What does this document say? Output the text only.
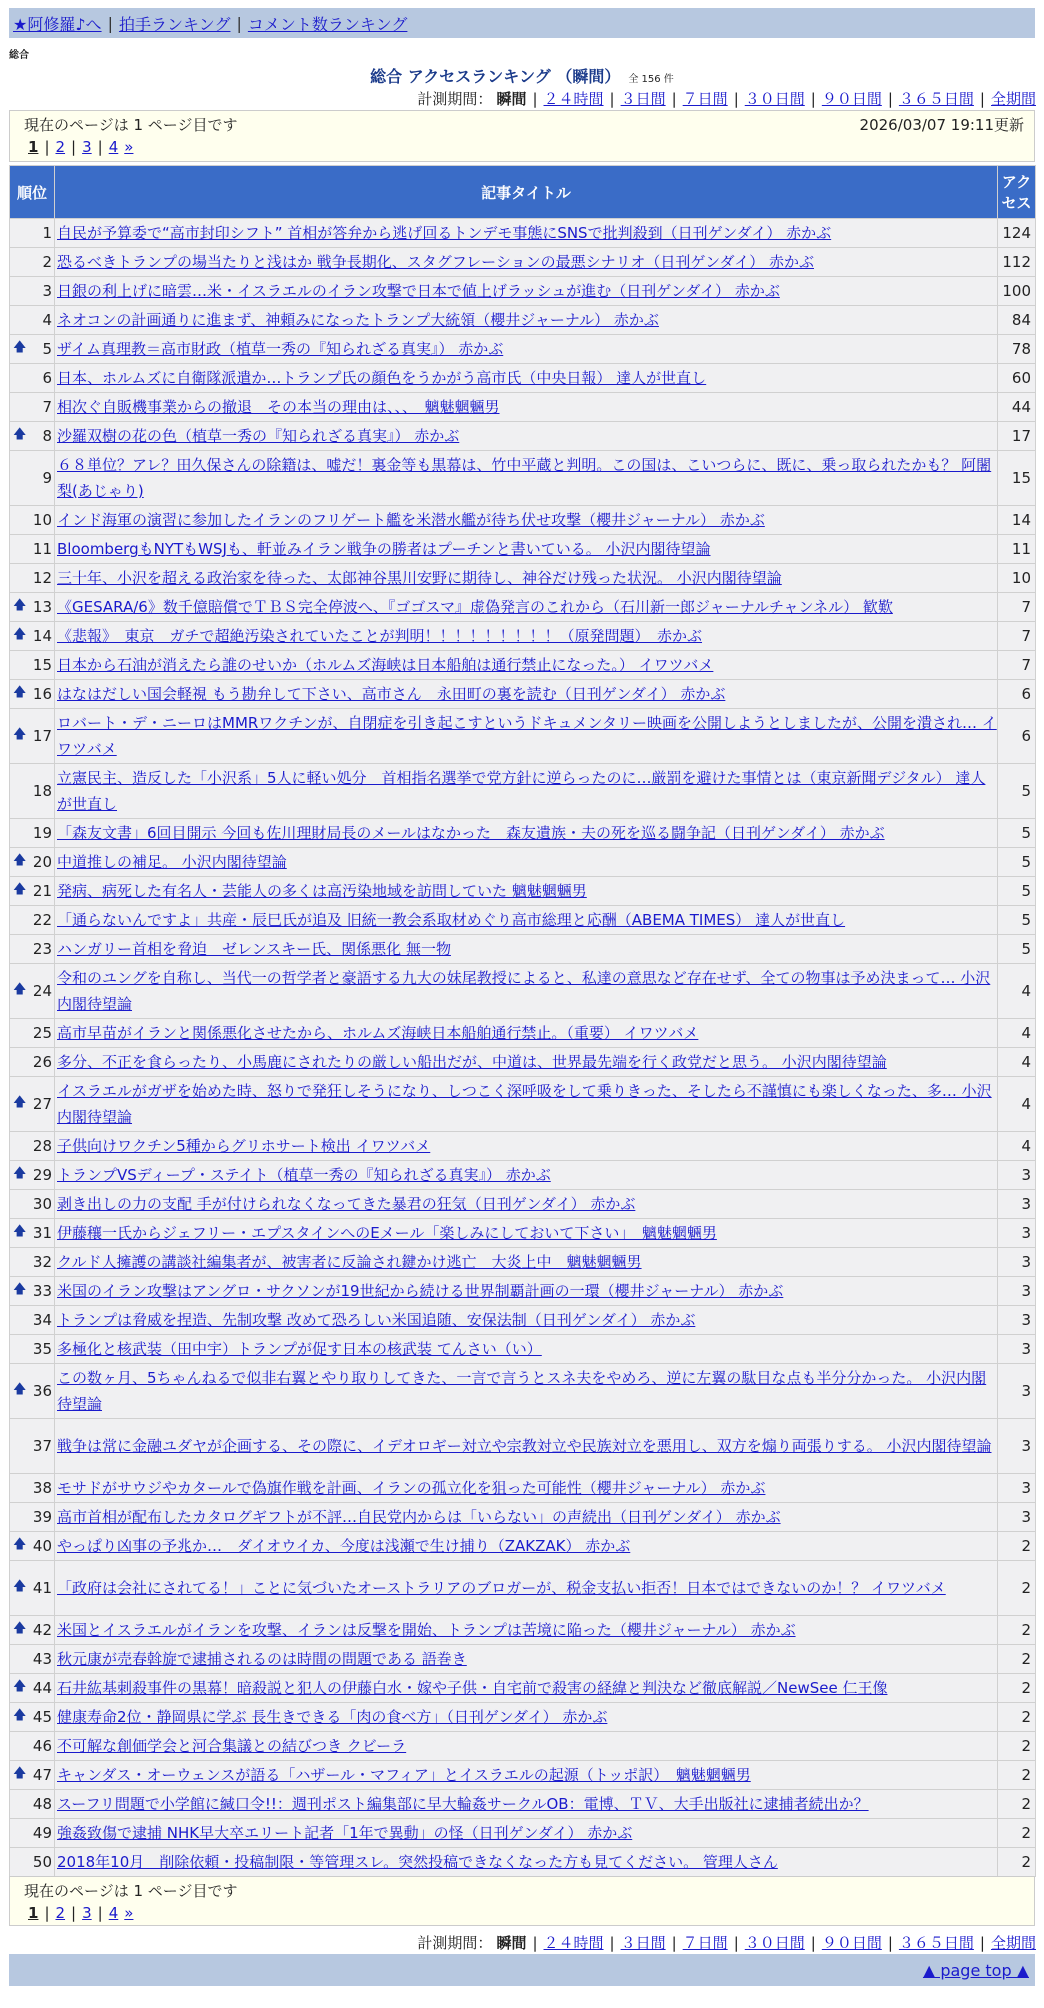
★阿修羅♪へ | 拍手ランキング | コメント数ランキング
総合
総合 アクセスランキング （瞬間） 全 156 件
計測期間： 瞬間 | ２４時間 | ３日間 | ７日間 | ３０日間 | ９０日間 | ３６５日間 | 全期間
現在のページは 1 ページ目です	2026/03/07 19:11更新
1 | 2 | 3 | 4 »
順位	記事タイトル	アクセス
1	自民が予算委で“高市封印シフト” 首相が答弁から逃げ回るトンデモ事態にSNSで批判殺到（日刊ゲンダイ） 赤かぶ	124
2	恐るべきトランプの場当たりと浅はか 戦争長期化、スタグフレーションの最悪シナリオ（日刊ゲンダイ） 赤かぶ	112
3	日銀の利上げに暗雲…米・イスラエルのイラン攻撃で日本で値上げラッシュが進む（日刊ゲンダイ） 赤かぶ	100
4	ネオコンの計画通りに進まず、神頼みになったトランプ大統領（櫻井ジャーナル） 赤かぶ	84

🡅 5	ザイム真理教＝高市財政（植草一秀の『知られざる真実』） 赤かぶ	78
6	日本、ホルムズに自衛隊派遣か…トランプ氏の顔色をうかがう高市氏（中央日報） 達人が世直し	60
7	相次ぐ自販機事業からの撤退　その本当の理由は、、、　魑魅魍魎男	44

🡅 8	沙羅双樹の花の色（植草一秀の『知られざる真実』） 赤かぶ	17
9	６８単位？アレ？田久保さんの除籍は、嘘だ！裏金等も黒幕は、竹中平蔵と判明。この国は、こいつらに、既に、乗っ取られたかも？ 阿闍梨(あじゃり)	15
10	インド海軍の演習に参加したイランのフリゲート艦を米潜水艦が待ち伏せ攻撃（櫻井ジャーナル） 赤かぶ	14
11	BloombergもNYTもWSJも、軒並みイラン戦争の勝者はプーチンと書いている。 小沢内閣待望論	11
12	三十年、小沢を超える政治家を待った、太郎神谷黒川安野に期待し、神谷だけ残った状況。 小沢内閣待望論	10

🡅 13	《GESARA/6》数千億賠償でＴＢＳ完全停波へ、『ゴゴスマ』虚偽発言のこれから（石川新一郎ジャーナルチャンネル） 歓歎	7

🡅 14	《悲報》　東京　ガチで超絶汚染されていたことが判明！！！！！！！！！（原発問題）　赤かぶ	7
15	日本から石油が消えたら誰のせいか（ホルムズ海峡は日本船舶は通行禁止になった。） イワツバメ	7

🡅 16	はなはだしい国会軽視 もう勘弁して下さい、高市さん　永田町の裏を読む（日刊ゲンダイ） 赤かぶ	6

🡅 17	ロバート・デ・ニーロはMMRワクチンが、自閉症を引き起こすというドキュメンタリー映画を公開しようとしましたが、公開を潰され… イワツバメ	6
18	立憲民主、造反した「小沢系」5人に軽い処分　首相指名選挙で党方針に逆らったのに…厳罰を避けた事情とは（東京新聞デジタル） 達人が世直し	5
19	「森友文書」6回目開示 今回も佐川理財局長のメールはなかった　森友遺族・夫の死を巡る闘争記（日刊ゲンダイ） 赤かぶ	5

🡅 20	中道推しの補足。 小沢内閣待望論	5

🡅 21	発病、病死した有名人・芸能人の多くは高汚染地域を訪問していた 魑魅魍魎男	5
22	「通らないんですよ」共産・辰巳氏が追及 旧統一教会系取材めぐり高市総理と応酬（ABEMA TIMES） 達人が世直し	5
23	ハンガリー首相を脅迫　ゼレンスキー氏、関係悪化 無一物	5

🡅 24	令和のユングを自称し、当代一の哲学者と豪語する九大の妹尾教授によると、私達の意思など存在せず、全ての物事は予め決まって… 小沢内閣待望論	4
25	高市早苗がイランと関係悪化させたから、ホルムズ海峡日本船舶通行禁止。（重要） イワツバメ	4
26	多分、不正を食らったり、小馬鹿にされたりの厳しい船出だが、中道は、世界最先端を行く政党だと思う。 小沢内閣待望論	4

🡅 27	イスラエルがガザを始めた時、怒りで発狂しそうになり、しつこく深呼吸をして乗りきった、そしたら不謹慎にも楽しくなった、多… 小沢内閣待望論	4
28	子供向けワクチン5種からグリホサート検出 イワツバメ	4

🡅 29	トランプVSディープ・ステイト（植草一秀の『知られざる真実』） 赤かぶ	3
30	剥き出しの力の支配 手が付けられなくなってきた暴君の狂気（日刊ゲンダイ） 赤かぶ	3

🡅 31	伊藤穰一氏からジェフリー・エプスタインへのEメール「楽しみにしておいて下さい」　魑魅魍魎男	3
32	クルド人擁護の講談社編集者が、被害者に反論され鍵かけ逃亡　大炎上中　魑魅魍魎男	3

🡅 33	米国のイラン攻撃はアングロ・サクソンが19世紀から続ける世界制覇計画の一環（櫻井ジャーナル） 赤かぶ	3
34	トランプは脅威を捏造、先制攻撃 改めて恐ろしい米国追随、安保法制（日刊ゲンダイ） 赤かぶ	3
35	多極化と核武装（田中宇）トランプが促す日本の核武装 てんさい（い）	3

🡅 36	この数ヶ月、5ちゃんねるで似非右翼とやり取りしてきた、一言で言うとスネ夫をやめろ、逆に左翼の駄目な点も半分分かった。 小沢内閣待望論	3
37	戦争は常に金融ユダヤが企画する、その際に、イデオロギー対立や宗教対立や民族対立を悪用し、双方を煽り両張りする。 小沢内閣待望論	3
38	モサドがサウジやカタールで偽旗作戦を計画、イランの孤立化を狙った可能性（櫻井ジャーナル） 赤かぶ	3
39	高市首相が配布したカタログギフトが不評…自民党内からは「いらない」の声続出（日刊ゲンダイ） 赤かぶ	3

🡅 40	やっぱり凶事の予兆か…　ダイオウイカ、今度は浅瀬で生け捕り（ZAKZAK） 赤かぶ	2

🡅 41	「政府は会社にされてる！」ことに気づいたオーストラリアのブロガーが、税金支払い拒否！日本ではできないのか！？ イワツバメ	2

🡅 42	米国とイスラエルがイランを攻撃、イランは反撃を開始、トランプは苦境に陥った（櫻井ジャーナル） 赤かぶ	2
43	秋元康が売春斡旋で逮捕されるのは時間の問題である 語巻き	2

🡅 44	石井紘基刺殺事件の黒幕！暗殺説と犯人の伊藤白水・嫁や子供・自宅前で殺害の経緯と判決など徹底解説／NewSee 仁王像	2

🡅 45	健康寿命2位・静岡県に学ぶ 長生きできる「肉の食べ方」（日刊ゲンダイ） 赤かぶ	2
46	不可解な創価学会と河合集議との結びつき クビーラ	2

🡅 47	キャンダス・オーウェンスが語る「ハザール・マフィア」とイスラエルの起源（トッポ訳）　魑魅魍魎男	2
48	スーフリ問題で小学館に緘口令!!：週刊ポスト編集部に早大輪姦サークルOB：電博、ＴＶ、大手出版社に逮捕者続出か？	2
49	強姦致傷で逮捕 NHK早大卒エリート記者「1年で異動」の怪（日刊ゲンダイ） 赤かぶ	2
50	2018年10月　削除依頼・投稿制限・等管理スレ。突然投稿できなくなった方も見てください。 管理人さん	2
現在のページは 1 ページ目です
1 | 2 | 3 | 4 »
計測期間： 瞬間 | ２４時間 | ３日間 | ７日間 | ３０日間 | ９０日間 | ３６５日間 | 全期間
▲ page top ▲
